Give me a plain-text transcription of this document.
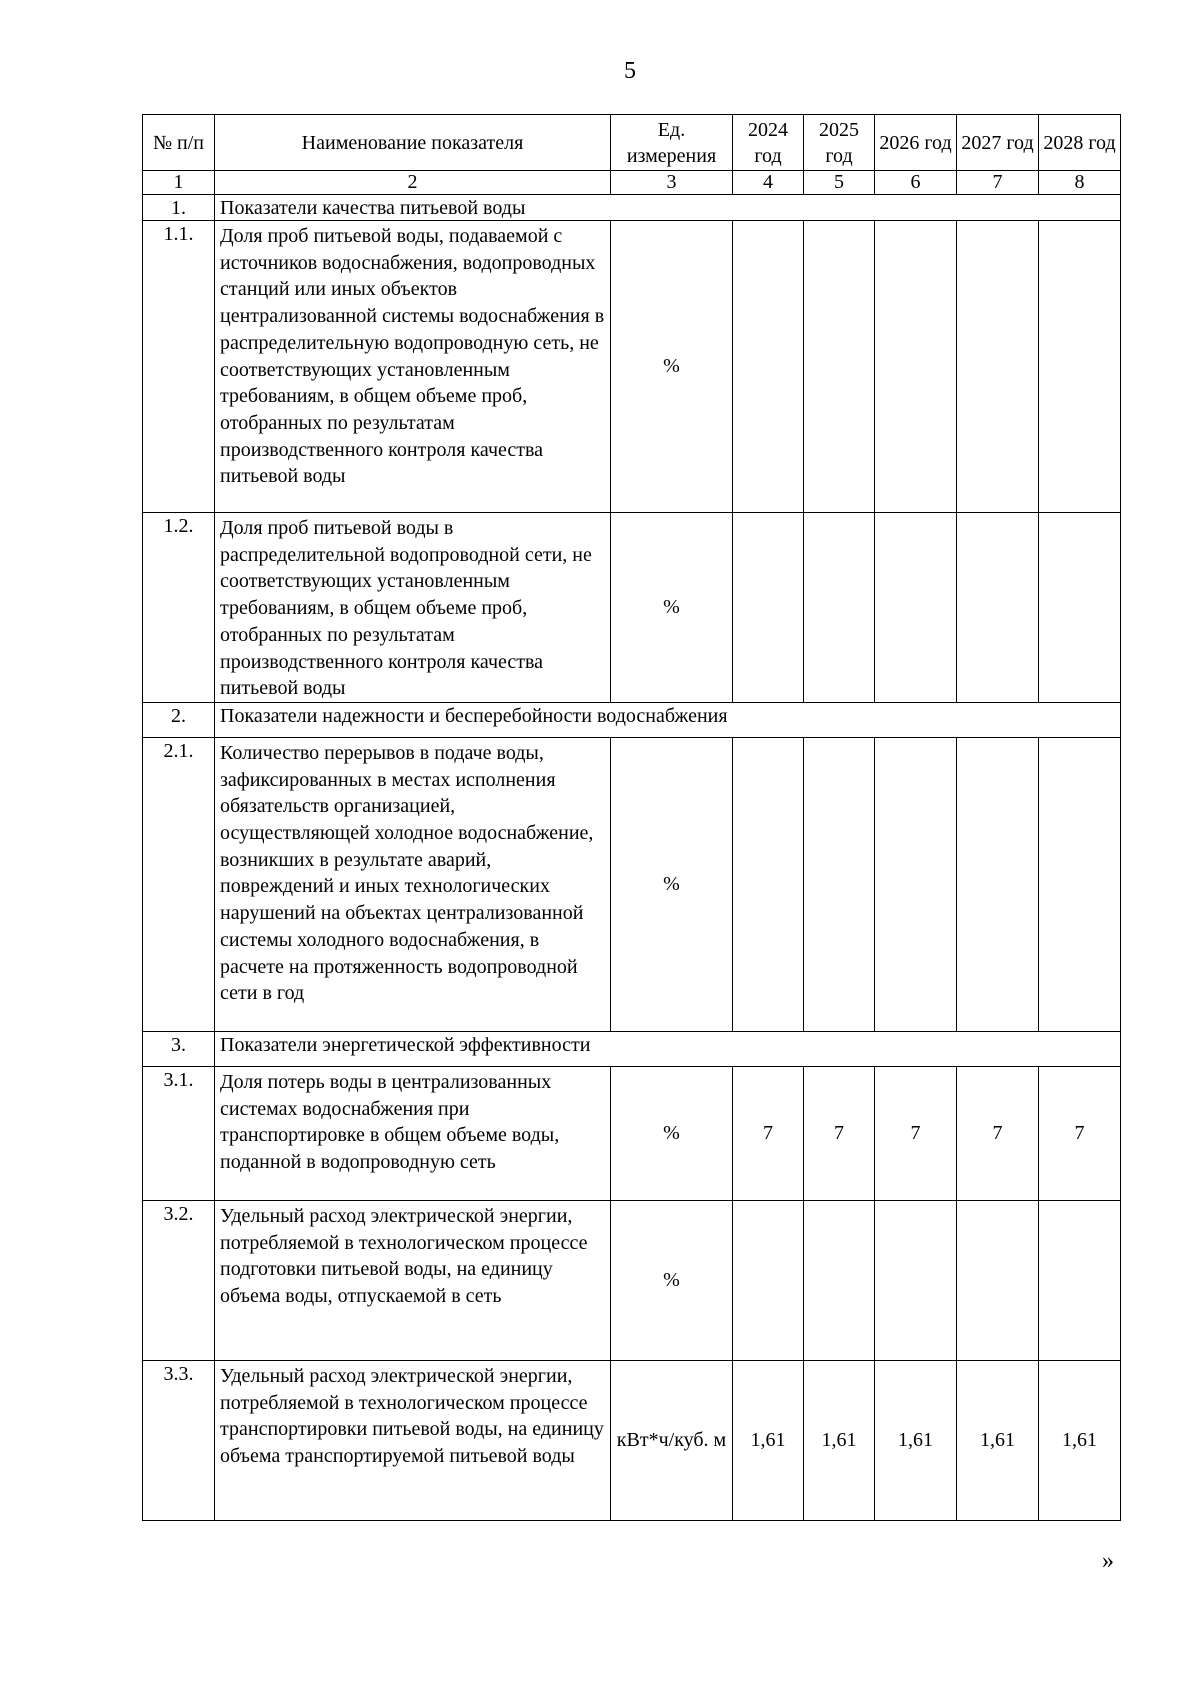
5
№ п/п	Наименование показателя	Ед. измерения	2024 год	2025 год	2026 год	2027 год	2028 год
1	2	3	4	5	6	7	8
1.	Показатели качества питьевой воды						
1.1.	Доля проб питьевой воды, подаваемой с источников водоснабжения, водопроводных станций или иных объектов централизованной системы водоснабжения в распределительную водопроводную сеть, не соответствующих установленным требованиям, в общем объеме проб, отобранных по результатам производственного контроля качества питьевой воды	%					
1.2.	Доля проб питьевой воды в распределительной водопроводной сети, не соответствующих установленным требованиям, в общем объеме проб, отобранных по результатам производственного контроля качества питьевой воды	%					
2.	Показатели надежности и бесперебойности водоснабжения						
2.1.	Количество перерывов в подаче воды, зафиксированных в местах исполнения обязательств организацией, осуществляющей холодное водоснабжение, возникших в результате аварий, повреждений и иных технологических нарушений на объектах централизованной системы холодного водоснабжения, в расчете на протяженность водопроводной сети в год	%					
3.	Показатели энергетической эффективности						
3.1.	Доля потерь воды в централизованных системах водоснабжения при транспортировке в общем объеме воды, поданной в водопроводную сеть	%	7	7	7	7	7
3.2.	Удельный расход электрической энергии, потребляемой в технологическом процессе подготовки питьевой воды, на единицу объема воды, отпускаемой в сеть	%					
3.3.	Удельный расход электрической энергии, потребляемой в технологическом процессе транспортировки питьевой воды, на единицу объема транспортируемой питьевой воды	кВт*ч/куб. м	1,61	1,61	1,61	1,61	1,61
»
